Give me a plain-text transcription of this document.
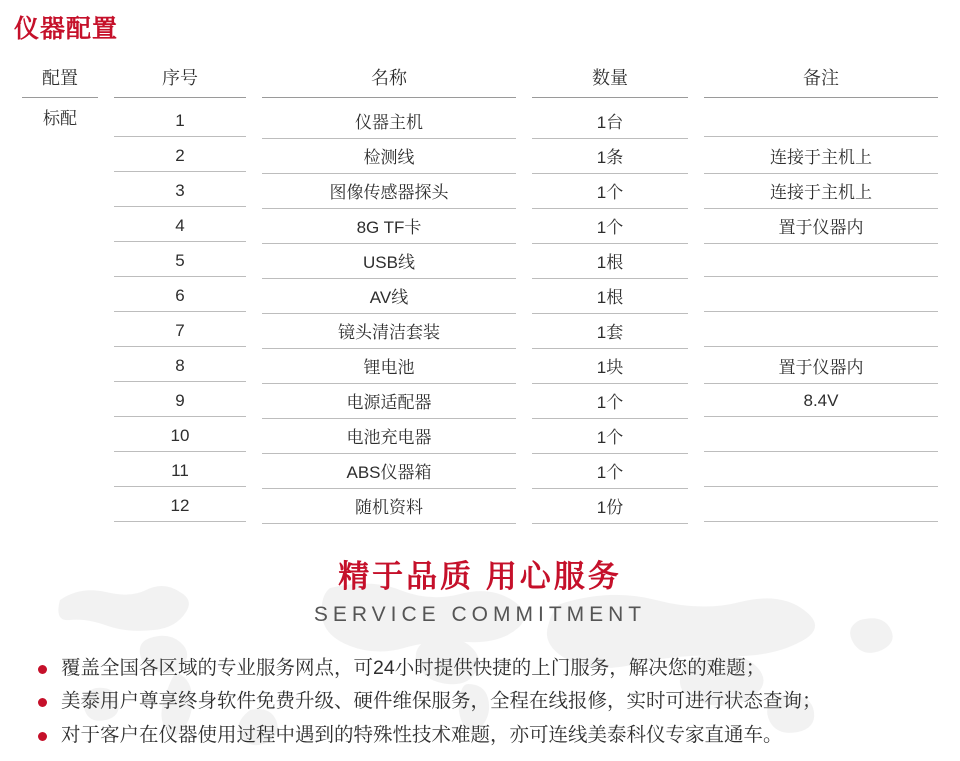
仪器配置
配置	序号	名称	数量	备注

标配	1	仪器主机	1台	

	2	检测线	1条	连接于主机上

	3	图像传感器探头	1个	连接于主机上

	4	8G TF卡	1个	置于仪器内

	5	USB线	1根	

	6	AV线	1根	

	7	镜头清洁套装	1套	

	8	锂电池	1块	置于仪器内

	9	电源适配器	1个	8.4V

	10	电池充电器	1个	

	11	ABS仪器箱	1个	

	12	随机资料	1份	

精于品质 用心服务
SERVICE COMMITMENT
覆盖全国各区域的专业服务网点，可24小时提供快捷的上门服务，解决您的难题；
美泰用户尊享终身软件免费升级、硬件维保服务，全程在线报修，实时可进行状态查询；
对于客户在仪器使用过程中遇到的特殊性技术难题，亦可连线美泰科仪专家直通车。
